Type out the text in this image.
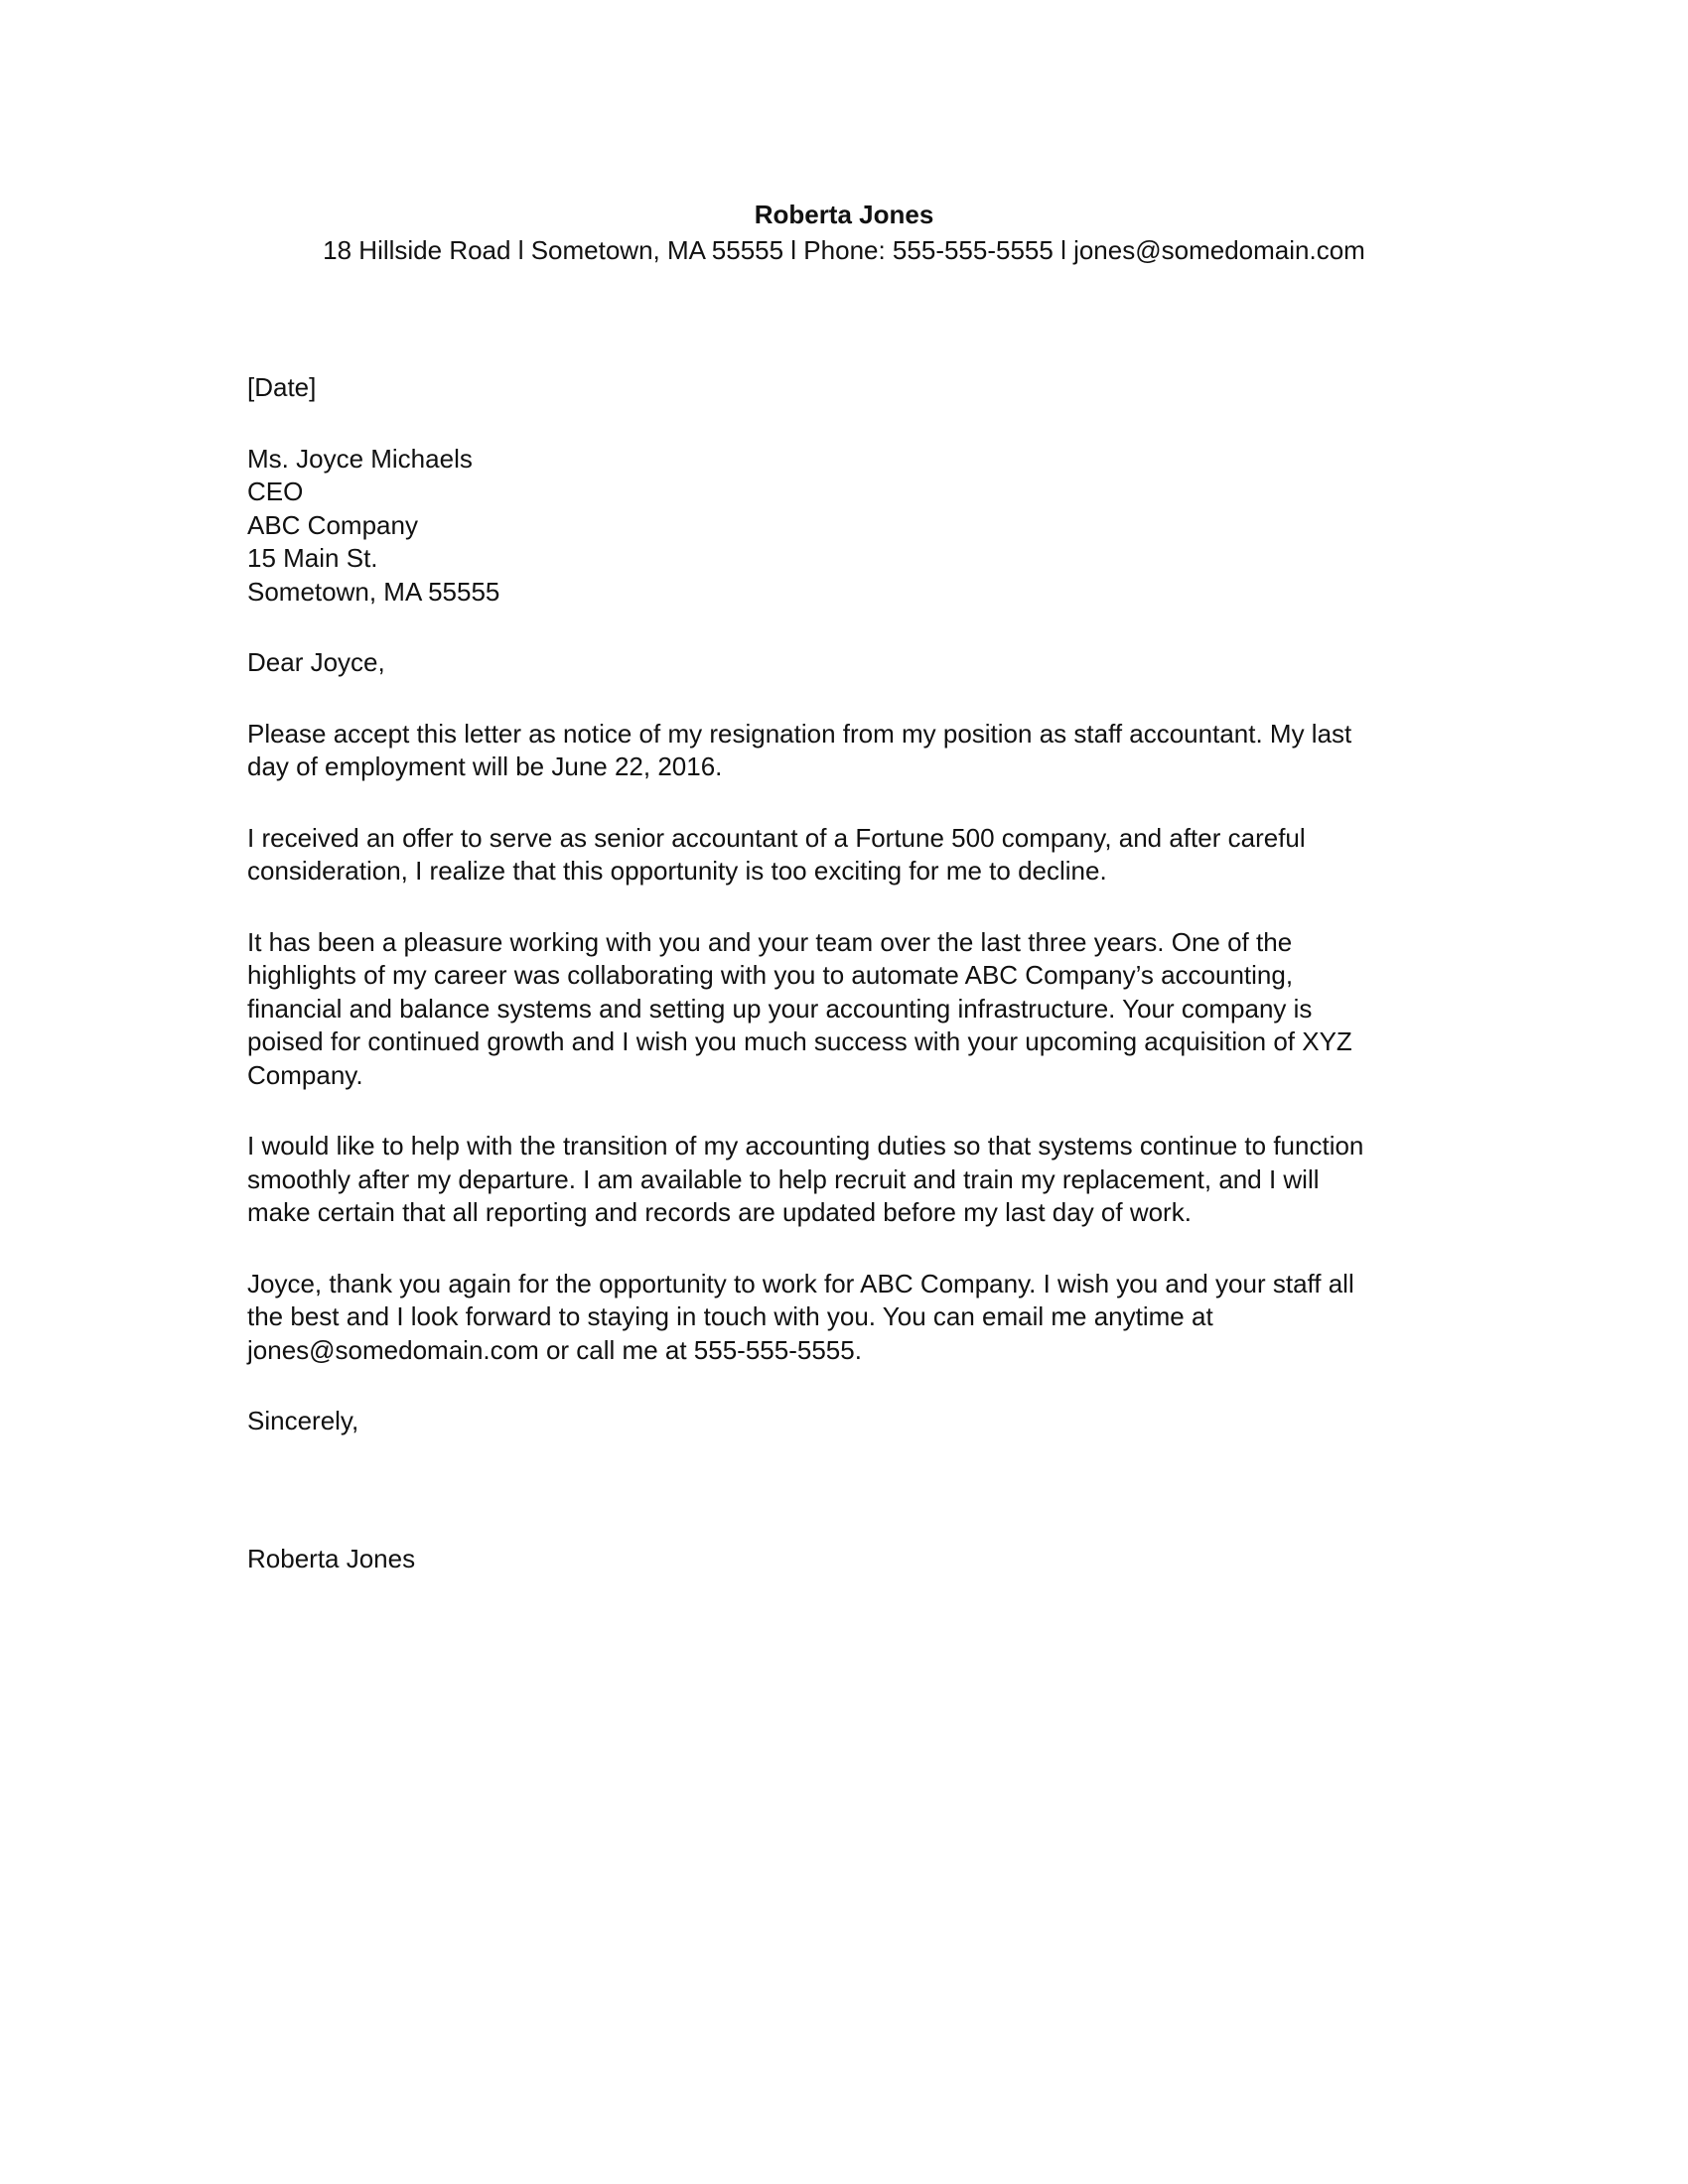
Roberta Jones

18 Hillside Road l Sometown, MA 55555 l Phone: 555-555-5555 l jones@somedomain.com

[Date]
Ms. Joyce Michaels
CEO
ABC Company
15 Main St.
Sometown, MA 55555
Dear Joyce,
Please accept this letter as notice of my resignation from my position as staff accountant. My last
day of employment will be June 22, 2016.
I received an offer to serve as senior accountant of a Fortune 500 company, and after careful
consideration, I realize that this opportunity is too exciting for me to decline.
It has been a pleasure working with you and your team over the last three years. One of the
highlights of my career was collaborating with you to automate ABC Company’s accounting,
financial and balance systems and setting up your accounting infrastructure. Your company is
poised for continued growth and I wish you much success with your upcoming acquisition of XYZ
Company.
I would like to help with the transition of my accounting duties so that systems continue to function
smoothly after my departure. I am available to help recruit and train my replacement, and I will
make certain that all reporting and records are updated before my last day of work.
Joyce, thank you again for the opportunity to work for ABC Company. I wish you and your staff all
the best and I look forward to staying in touch with you. You can email me anytime at
jones@somedomain.com or call me at 555-555-5555.
Sincerely,
Roberta Jones
